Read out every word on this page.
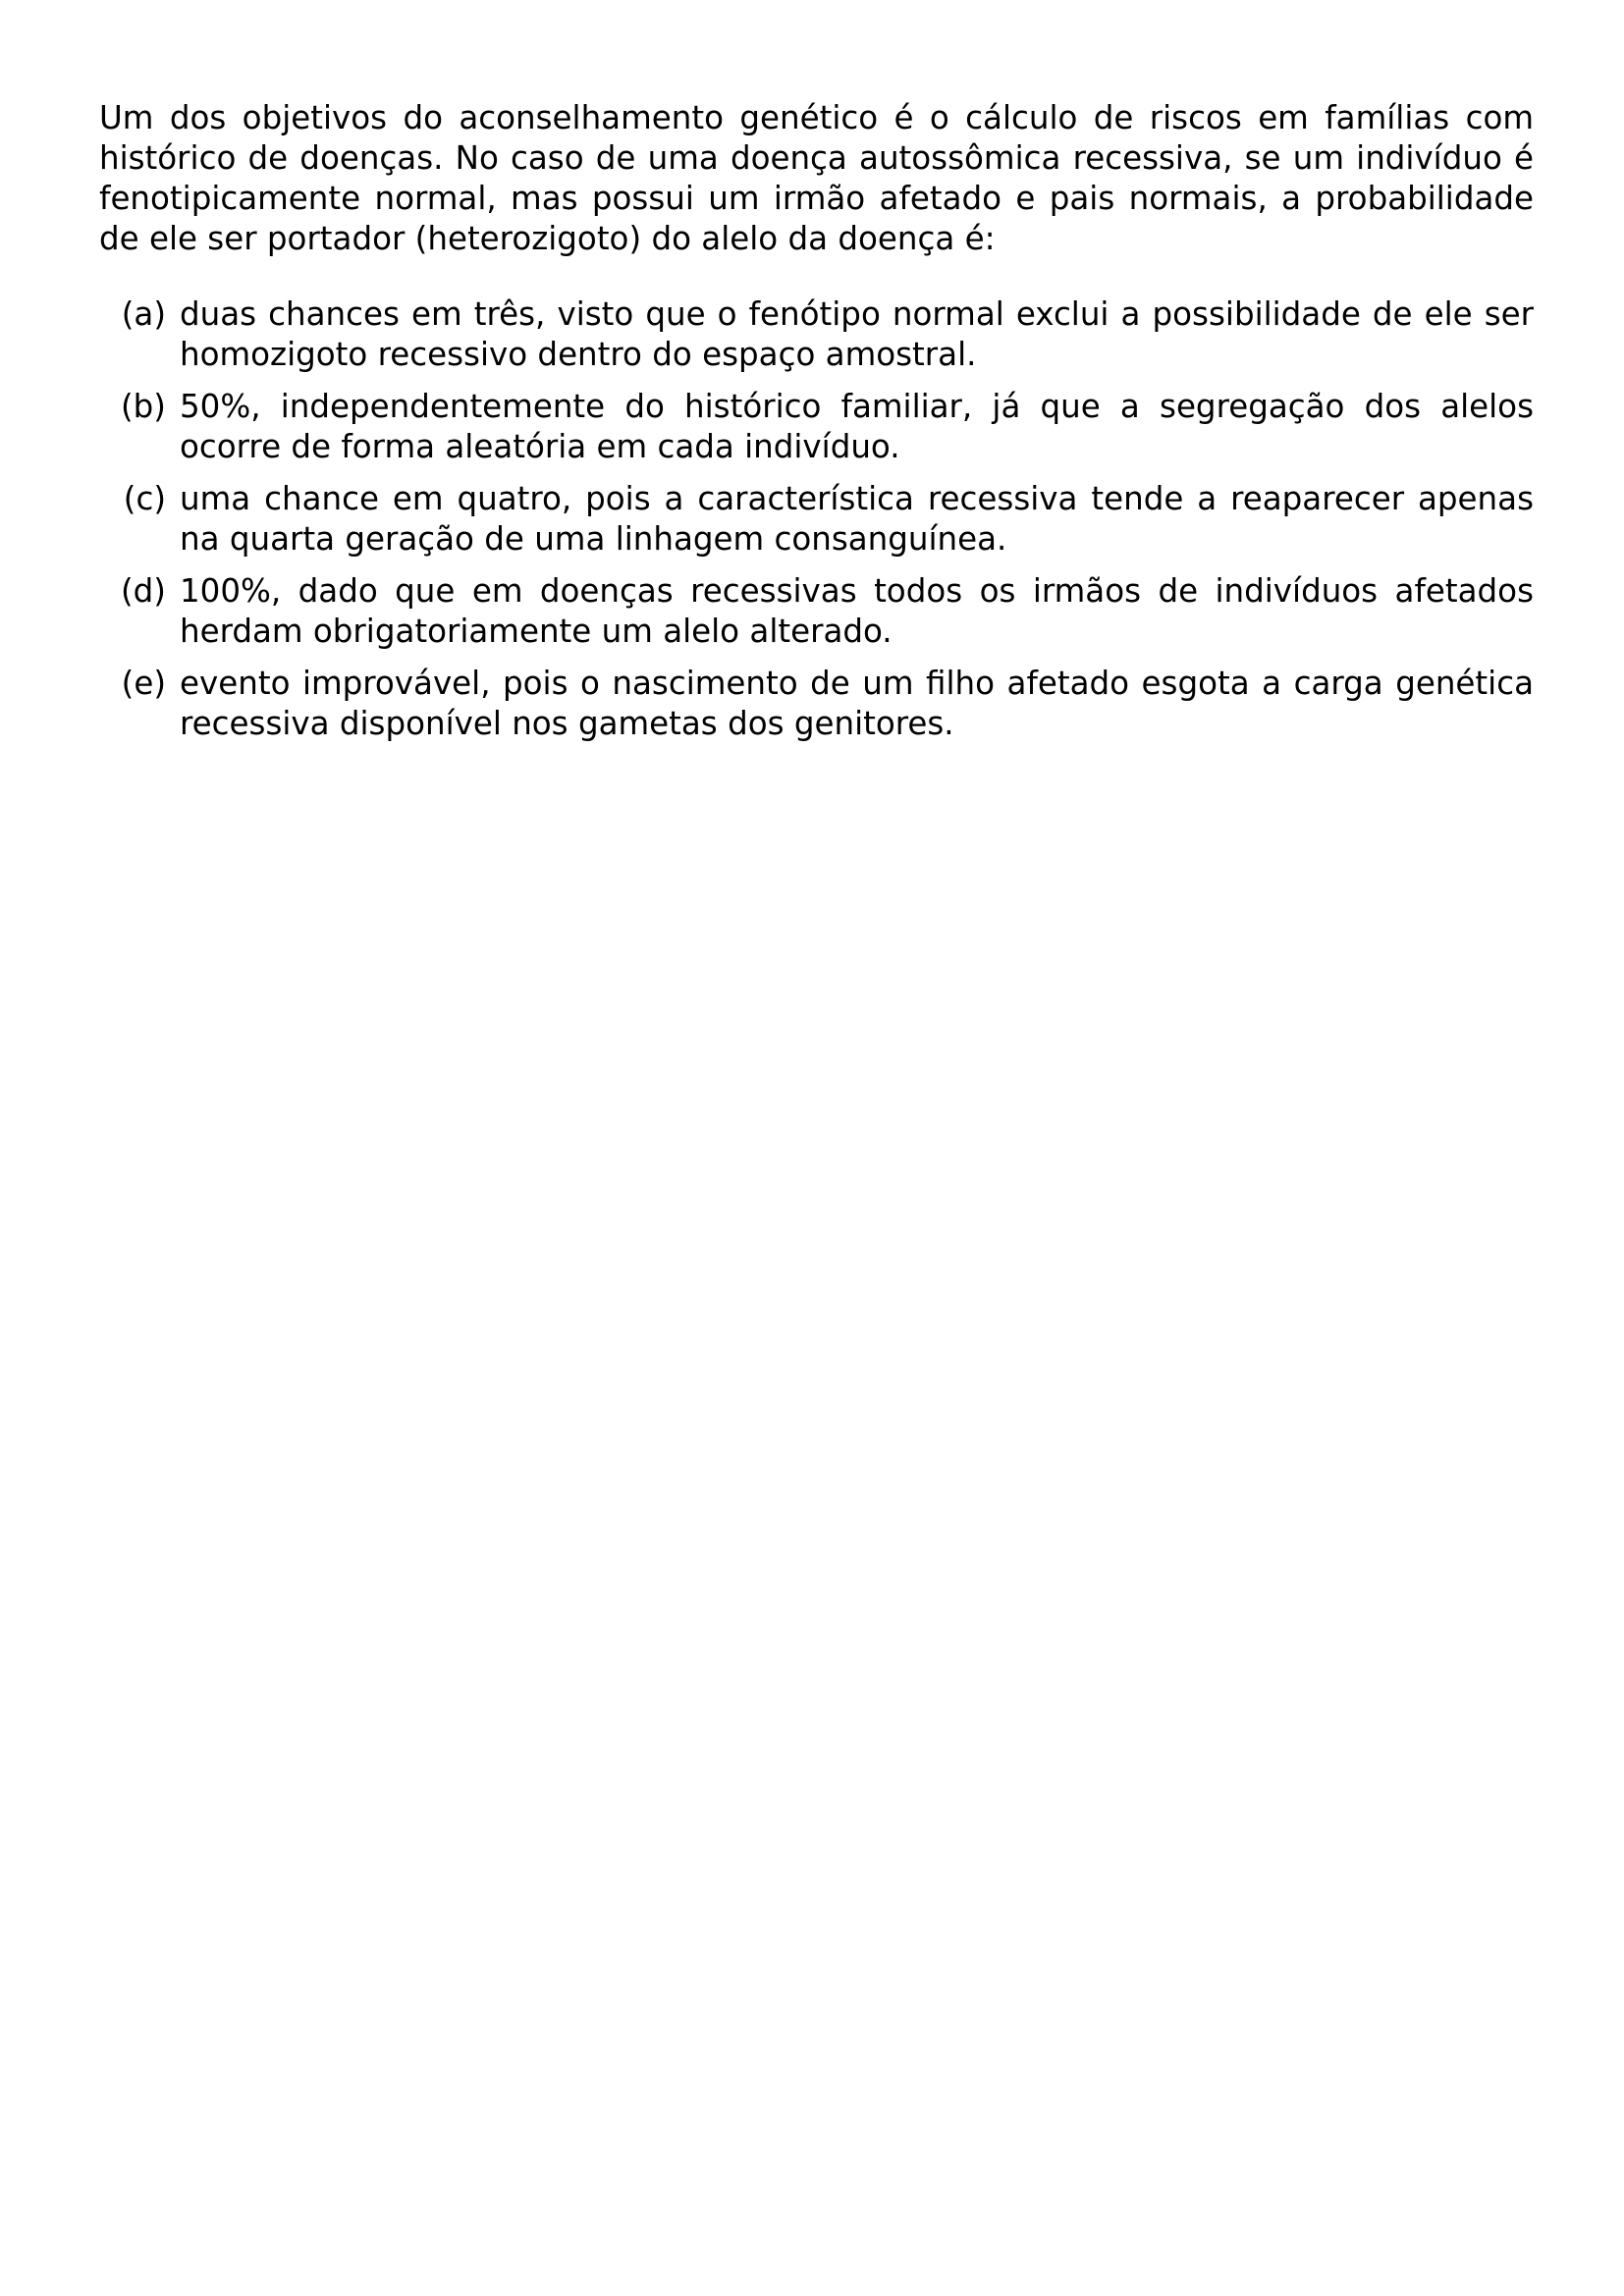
Um dos objetivos do aconselhamento genético é o cálculo de riscos em famílias com histórico de doenças. No caso de uma doença autossômica recessiva, se um indivíduo é fenotipicamente normal, mas possui um irmão afetado e pais normais, a probabilidade de ele ser portador (heterozigoto) do alelo da doença é:

(a) duas chances em três, visto que o fenótipo normal exclui a possibilidade de ele ser homozigoto recessivo dentro do espaço amostral.
(b) 50%, independentemente do histórico familiar, já que a segregação dos alelos ocorre de forma aleatória em cada indivíduo.
(c) uma chance em quatro, pois a característica recessiva tende a reaparecer apenas na quarta geração de uma linhagem consanguínea.
(d) 100%, dado que em doenças recessivas todos os irmãos de indivíduos afetados herdam obrigatoriamente um alelo alterado.
(e) evento improvável, pois o nascimento de um filho afetado esgota a carga genética recessiva disponível nos gametas dos genitores.
